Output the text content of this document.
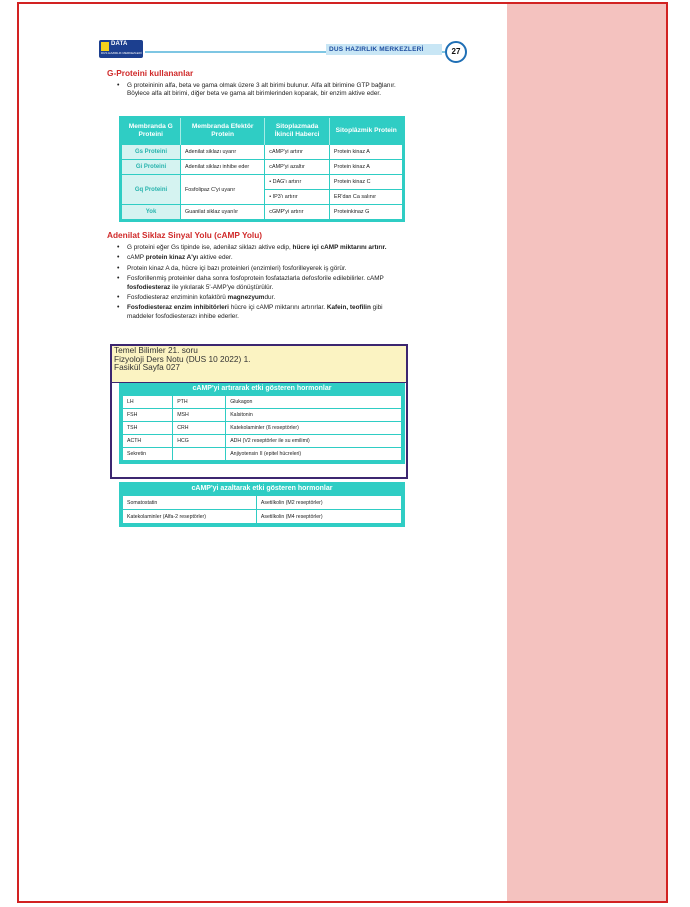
DATA
DUS HAZIRLIK MERKEZLERİ	DUS HAZIRLIK MERKEZLERİ	27
G-Proteini kullananlar
• G proteininin alfa, beta ve gama olmak üzere 3 alt birimi bulunur. Alfa alt birimine GTP bağlanır. Böylece alfa alt birimi, diğer beta ve gama alt birimlerinden koparak, bir enzim aktive eder.
Membranda G Proteini	Membranda Efektör Protein	Sitoplazmada İkincil Haberci	Sitoplâzmik Protein
Gs Proteini	Adenilat siklazı uyarır	cAMP'yi artırır	Protein kinaz A
Gi Proteini	Adenilat siklazı inhibe eder	cAMP'yi azaltır	Protein kinaz A
Gq Proteini	Fosfolipaz C'yi uyarır	• DAG'ı artırır	Protein kinaz C
		• IP3'ı artırır	ER'dan Ca salınır
Yok	Guanilat siklaz uyarılır	cGMP'yi artırır	Proteinkinaz G
Adenilat Siklaz Sinyal Yolu (cAMP Yolu)
• G proteini eğer Gs tipinde ise, adenilaz siklazı aktive edip, hücre içi cAMP miktarını artırır.
• cAMP protein kinaz A'yı aktive eder.
• Protein kinaz A da, hücre içi bazı proteinleri (enzimleri) fosforilleyerek iş görür.
• Fosforillenmiş proteinler daha sonra fosfoprotein fosfatazlarla defosforile edilebilirler. cAMP fosfodiesteraz ile yıkılarak 5'-AMP'ye dönüştürülür.
• Fosfodiesteraz enziminin kofaktörü magnezyumdur.
• Fosfodiesteraz enzim inhibitörleri hücre içi cAMP miktarını artırırlar. Kafein, teofilin gibi maddeler fosfodiesterazı inhibe ederler.
Temel Bilimler 21. soru
Fizyoloji Ders Notu (DUS 10 2022) 1.
Fasikül Sayfa 027
cAMP'yi artırarak etki gösteren hormonlar
LH	PTH	Glukagon
FSH	MSH	Kalsitonin
TSH	CRH	Katekolaminler (ß reseptörler)
ACTH	HCG	ADH (V2 reseptörler ile su emilimi)
Sekretin		Anjiyotensin II (epitel hücreleri)
cAMP'yi azaltarak etki gösteren hormonlar
Somatostatin	Asetilkolin (M2 reseptörler)
Katekolaminler (Alfa-2 reseptörler)	Asetilkolin (M4 reseptörler)
